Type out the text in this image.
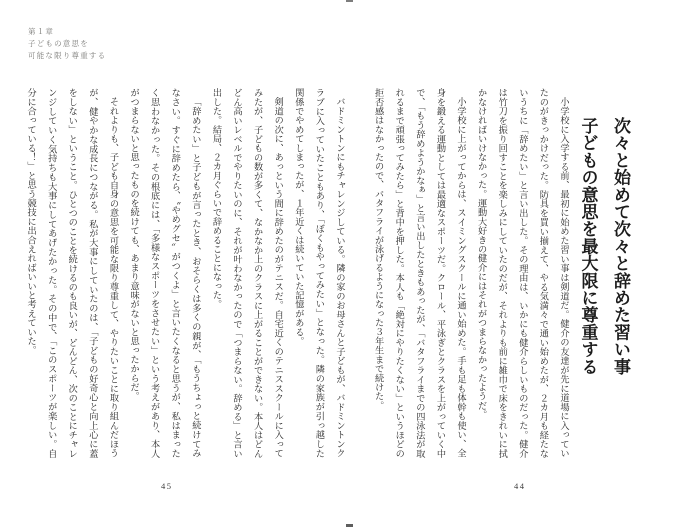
第１章
子どもの意思を
可能な限り尊重する
次々と始めて次々と辞めた習い事
子どもの意思を最大限に尊重する

小学校に入学する前、最初に始めた習い事は剣道だ。健介の友達が先に道場に入っていたのがきっかけだった。防具を買い揃えて、やる気満々で通い始めたが、２カ月も経たないうちに「辞めたい」と言い出した。その理由は、いかにも健介らしいものだった。健介は竹刀を振り回すことを楽しみにしていたのだが、それよりも前に雑巾で床をきれいに拭かなければいけなかった。運動大好きの健介にはそれがつまらなかったようだ。

小学校に上がってからは、スイミングスクールに通い始めた。手も足も体幹も使い、全身を鍛える運動としては最適なスポーツだ。クロール、平泳ぎとクラスを上がっていく中で、「もう辞めようかなぁ」と言い出したときもあったが、「バタフライまでの四泳法が取れるまで頑張ってみたら」と背中を押した。本人も「絶対にやりたくない」というほどの拒否感はなかったので、バタフライが泳げるようになった３年生まで続けた。

44

バドミントンにもチャレンジしている。隣の家のお母さんと子どもが、バドミントンクラブに入っていたこともあり、「ぼくもやってみたい」となった。隣の家族が引っ越した関係でやめてしまったが、１年近くは続いていた記憶がある。

剣道の次に、あっという間に辞めたのがテニスだ。自宅近くのテニススクールに入ってみたが、子どもの数が多くて、なかなか上のクラスに上がることができない。本人はどんどん高いレベルでやりたいのに、それが叶わなかったので「つまらない。辞める」と言い出した。結局、２カ月ぐらいで辞めることになった。

「辞めたい」と子どもが言ったとき、おそらくは多くの親が、「もうちょっと続けてみなさい。すぐに辞めたら、〝やめグセ〟がつくよ」と言いたくなると思うが、私はまったく思わなかった。その根底には、「多様なスポーツをさせたい」という考えがあり、本人がつまらないと思ったものを続けても、あまり意味がないと思ったからだ。

それよりも、子ども自身の意思を可能な限り尊重して、やりたいことに取り組んだほうが、健やかな成長につながる。私が大事にしていたのは、「子どもの好奇心と向上心に蓋をしない」ということ。ひとつのことを続けるのも良いが、どんどん、次のことにチャレンジしていく気持ちも大事にしてあげたかった。その中で、「このスポーツが楽しい。自分に合っている！」と思う競技に出合えればいいと考えていた。

45
